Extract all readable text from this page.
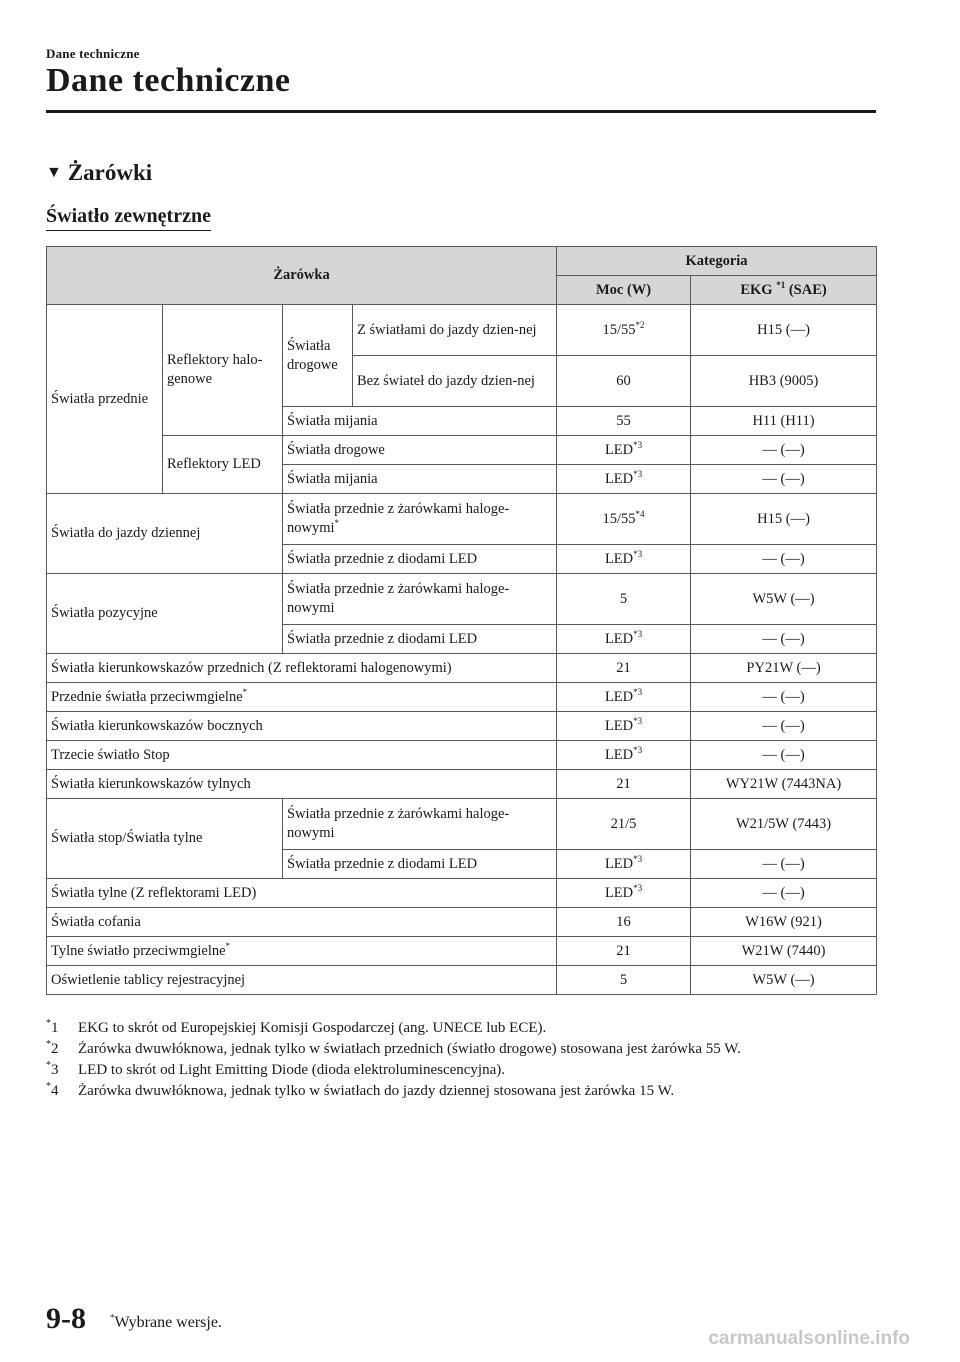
Dane techniczne
Dane techniczne
▼ Żarówki
Światło zewnętrzne
Żarówka				Kategoria	
				Moc (W)	EKG $^{*1}$ (SAE)
Światła przednie	Reflektory halo-genowe	Światła drogowe	Z światłami do jazdy dzien-nej	15/55$^{*2}$	H15 (―)
			Bez świateł do jazdy dzien-nej	60	HB3 (9005)
		Światła mijania		55	H11 (H11)
	Reflektory LED	Światła drogowe		LED$^{*3}$	― (―)
		Światła mijania		LED$^{*3}$	― (―)
Światła do jazdy dziennej		Światła przednie z żarówkami haloge-nowymi*		15/55$^{*4}$	H15 (―)
		Światła przednie z diodami LED		LED$^{*3}$	― (―)
Światła pozycyjne		Światła przednie z żarówkami haloge-nowymi		5	W5W (―)
		Światła przednie z diodami LED		LED$^{*3}$	― (―)
Światła kierunkowskazów przednich (Z reflektorami halogenowymi)				21	PY21W (―)
Przednie światła przeciwmgielne*				LED$^{*3}$	― (―)
Światła kierunkowskazów bocznych				LED$^{*3}$	― (―)
Trzecie światło Stop				LED$^{*3}$	― (―)
Światła kierunkowskazów tylnych				21	WY21W (7443NA)
Światła stop/Światła tylne		Światła przednie z żarówkami haloge-nowymi		21/5	W21/5W (7443)
		Światła przednie z diodami LED		LED$^{*3}$	― (―)
Światła tylne (Z reflektorami LED)				LED$^{*3}$	― (―)
Światła cofania				16	W16W (921)
Tylne światło przeciwmgielne*				21	W21W (7440)
Oświetlenie tablicy rejestracyjnej				5	W5W (―)
*1	EKG to skrót od Europejskiej Komisji Gospodarczej (ang. UNECE lub ECE).
*2	Żarówka dwuwłóknowa, jednak tylko w światłach przednich (światło drogowe) stosowana jest żarówka 55 W.
*3	LED to skrót od Light Emitting Diode (dioda elektroluminescencyjna).
*4	Żarówka dwuwłóknowa, jednak tylko w światłach do jazdy dziennej stosowana jest żarówka 15 W.
9-8	*Wybrane wersje.
carmanualsonline.info
